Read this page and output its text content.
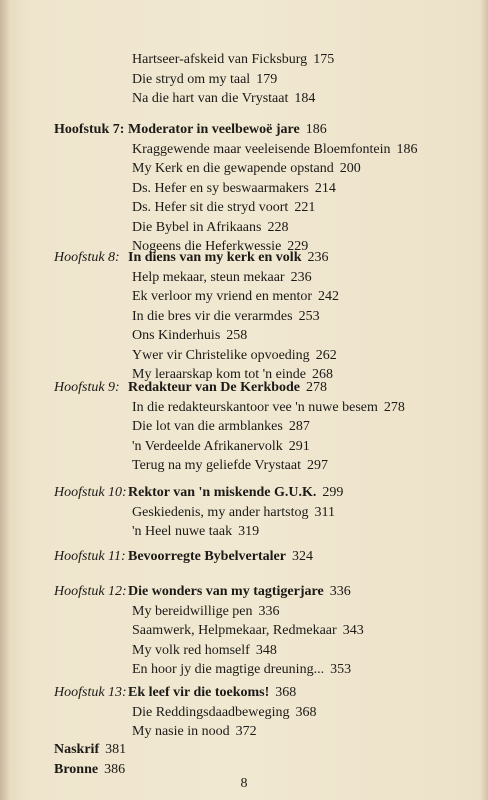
Hartseer-afskeid van Ficksburg 175
Die stryd om my taal 179
Na die hart van die Vrystaat 184
Hoofstuk 7: Moderator in veelbewoë jare 186
Kraggewende maar veeleisende Bloemfontein 186
My Kerk en die gewapende opstand 200
Ds. Hefer en sy beswaarmakers 214
Ds. Hefer sit die stryd voort 221
Die Bybel in Afrikaans 228
Nogeens die Heferkwessie 229
Hoofstuk 8: In diens van my kerk en volk 236
Help mekaar, steun mekaar 236
Ek verloor my vriend en mentor 242
In die bres vir die verarmdes 253
Ons Kinderhuis 258
Ywer vir Christelike opvoeding 262
My leraarskap kom tot 'n einde 268
Hoofstuk 9: Redakteur van De Kerkbode 278
In die redakteurskantoor vee 'n nuwe besem 278
Die lot van die armblankes 287
'n Verdeelde Afrikanervolk 291
Terug na my geliefde Vrystaat 297
Hoofstuk 10: Rektor van 'n miskende G.U.K. 299
Geskiedenis, my ander hartstog 311
'n Heel nuwe taak 319
Hoofstuk 11: Bevoorregte Bybelvertaler 324
Hoofstuk 12: Die wonders van my tagtigerjare 336
My bereidwillige pen 336
Saamwerk, Helpmekaar, Redmekaar 343
My volk red homself 348
En hoor jy die magtige dreuning... 353
Hoofstuk 13: Ek leef vir die toekoms! 368
Die Reddingsdaadbeweging 368
My nasie in nood 372
Naskrif 381
Bronne 386
8
